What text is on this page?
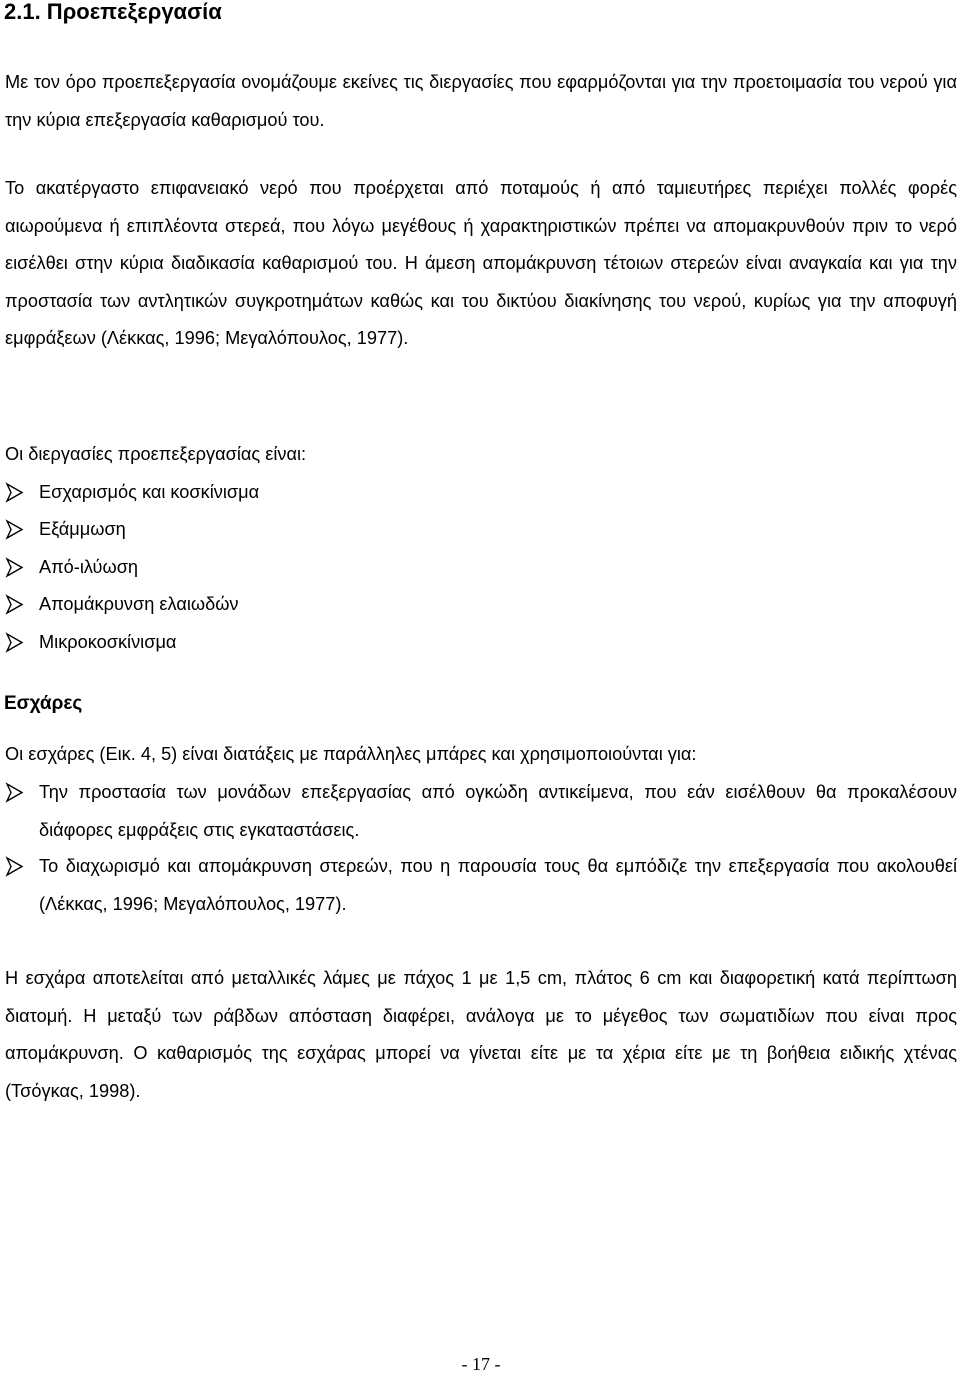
2.1. Προεπεξεργασία

Με τον όρο προεπεξεργασία ονομάζουμε εκείνες τις διεργασίες που εφαρμόζονται για την προετοιμασία του νερού για την κύρια επεξεργασία καθαρισμού του.

Το ακατέργαστο επιφανειακό νερό που προέρχεται από ποταμούς ή από ταμιευτήρες περιέχει πολλές φορές αιωρούμενα ή επιπλέοντα στερεά, που λόγω μεγέθους ή χαρακτηριστικών πρέπει να απομακρυνθούν πριν το νερό εισέλθει στην κύρια διαδικασία καθαρισμού του. Η άμεση απομάκρυνση τέτοιων στερεών είναι αναγκαία και για την προστασία των αντλητικών συγκροτημάτων καθώς και του δικτύου διακίνησης του νερού, κυρίως για την αποφυγή εμφράξεων (Λέκκας, 1996; Μεγαλόπουλος, 1977).

Οι διεργασίες προεπεξεργασίας είναι:

Εσχαρισμός και κοσκίνισμα
Εξάμμωση
Από-ιλύωση
Απομάκρυνση ελαιωδών
Μικροκοσκίνισμα
Εσχάρες

Οι εσχάρες (Εικ. 4, 5) είναι διατάξεις με παράλληλες μπάρες και χρησιμοποιούνται για:

Την προστασία των μονάδων επεξεργασίας από ογκώδη αντικείμενα, που εάν εισέλθουν θα προκαλέσουν διάφορες εμφράξεις στις εγκαταστάσεις.
Το διαχωρισμό και απομάκρυνση στερεών, που η παρουσία τους θα εμπόδιζε την επεξεργασία που ακολουθεί (Λέκκας, 1996; Μεγαλόπουλος, 1977).

Η εσχάρα αποτελείται από μεταλλικές λάμες με πάχος 1 με 1,5 cm, πλάτος 6 cm και διαφορετική κατά περίπτωση διατομή. Η μεταξύ των ράβδων απόσταση διαφέρει, ανάλογα με το μέγεθος των σωματιδίων που είναι προς απομάκρυνση. Ο καθαρισμός της εσχάρας μπορεί να γίνεται είτε με τα χέρια είτε με τη βοήθεια ειδικής χτένας (Τσόγκας, 1998).

- 17 -
